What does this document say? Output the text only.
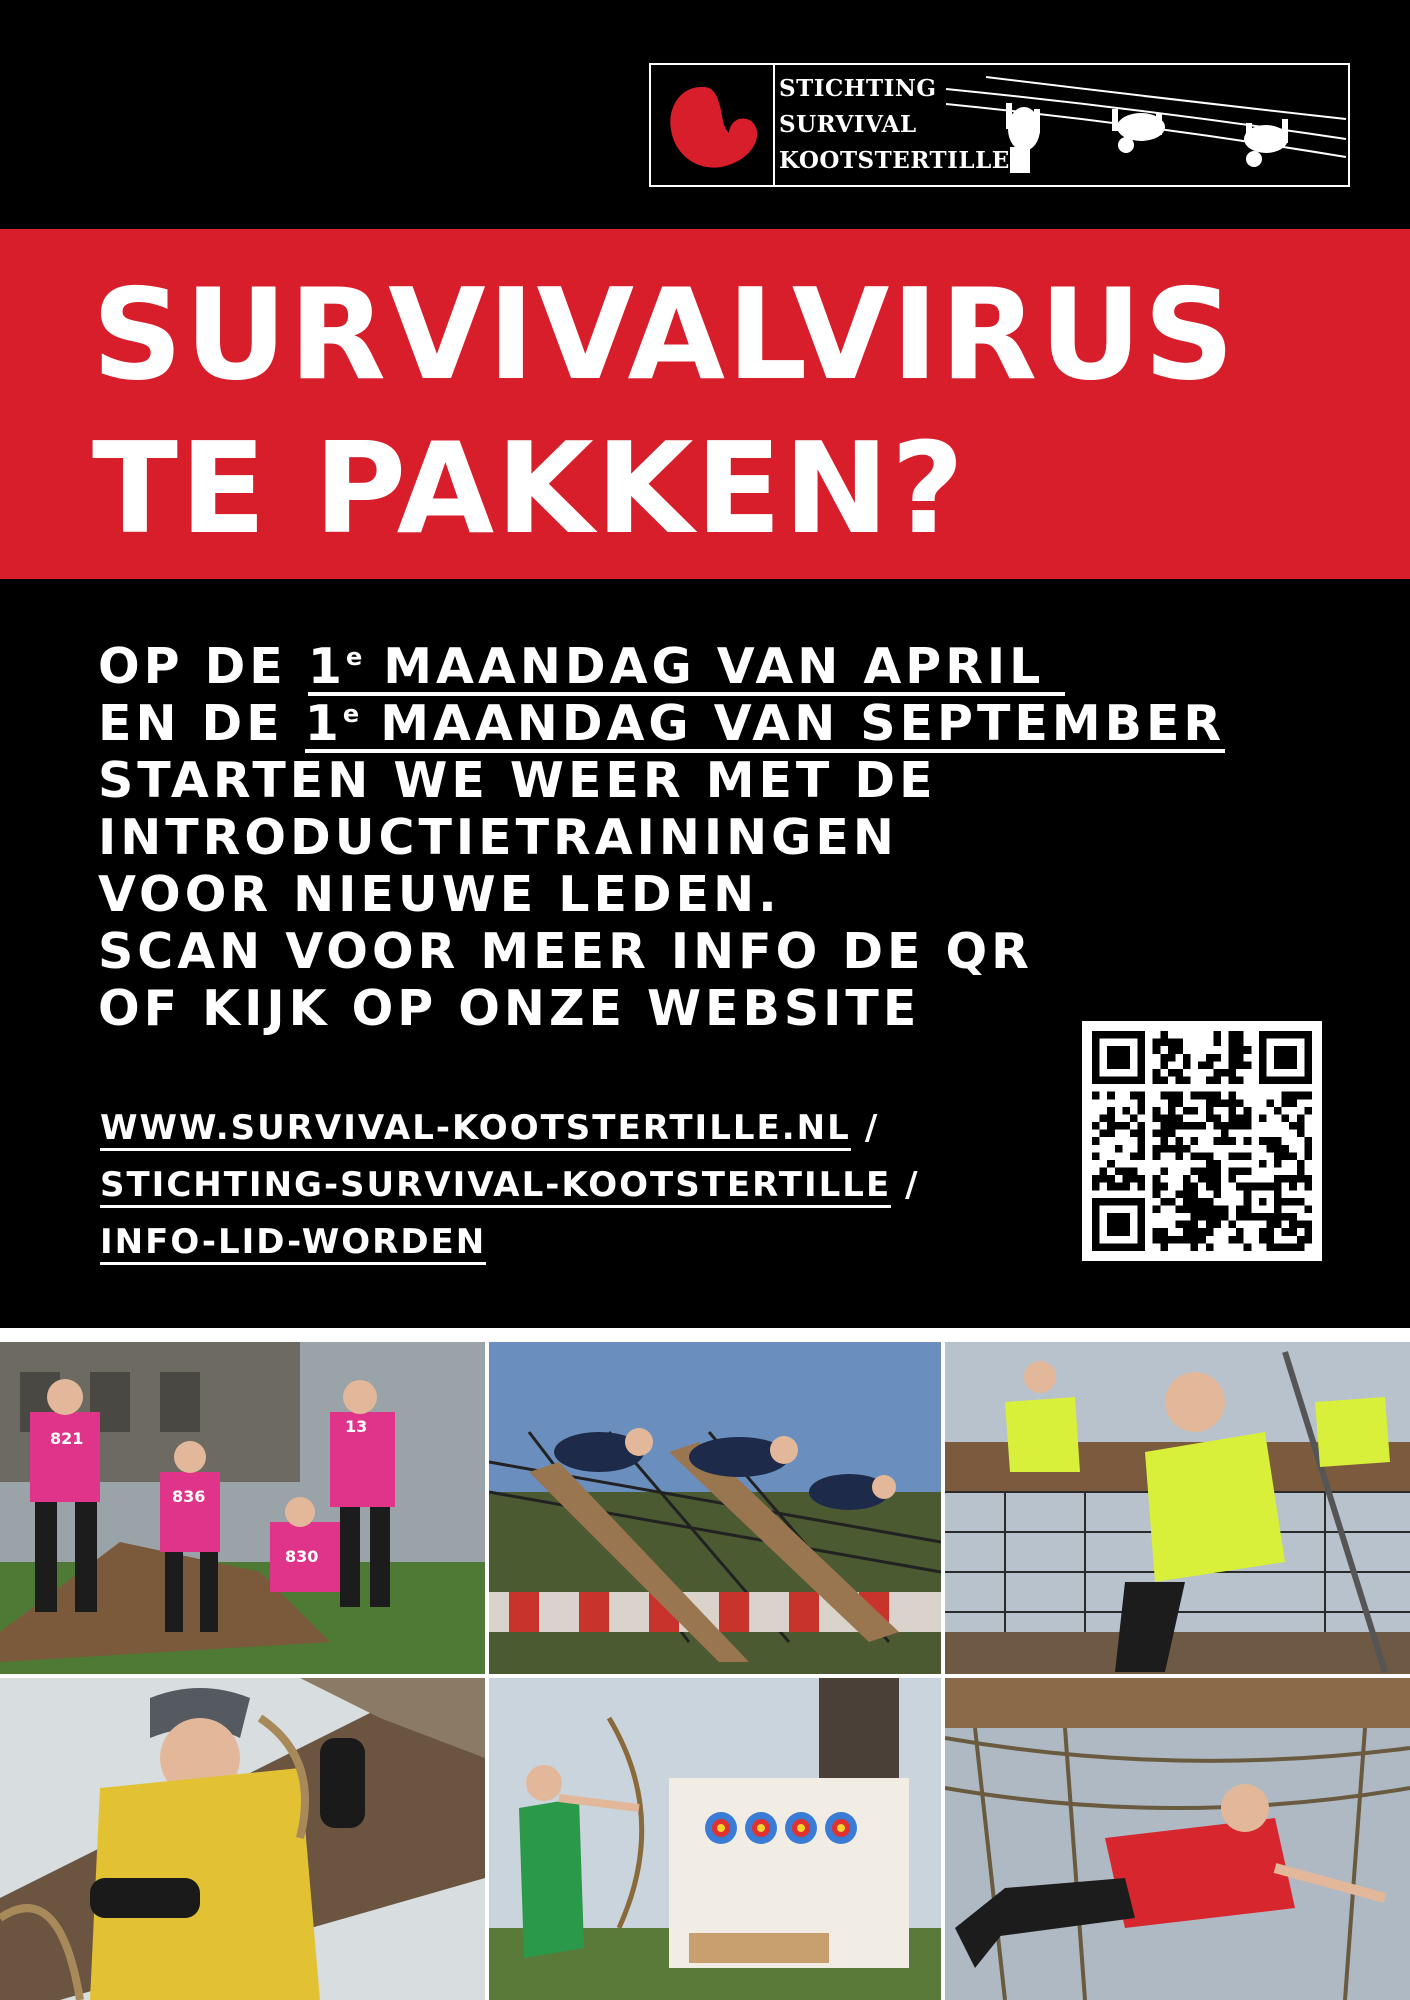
STICHTING
SURVIVAL
KOOTSTERTILLE
SURVIVALVIRUS
TE PAKKEN?
OP DE 1e MAANDAG VAN APRIL
EN DE 1e MAANDAG VAN SEPTEMBER
STARTEN WE WEER MET DE
INTRODUCTIETRAININGEN
VOOR NIEUWE LEDEN.
SCAN VOOR MEER INFO DE QR
OF KIJK OP ONZE WEBSITE
WWW.SURVIVAL-KOOTSTERTILLE.NL /
STICHTING-SURVIVAL-KOOTSTERTILLE /
INFO-LID-WORDEN
821
836
830
13
